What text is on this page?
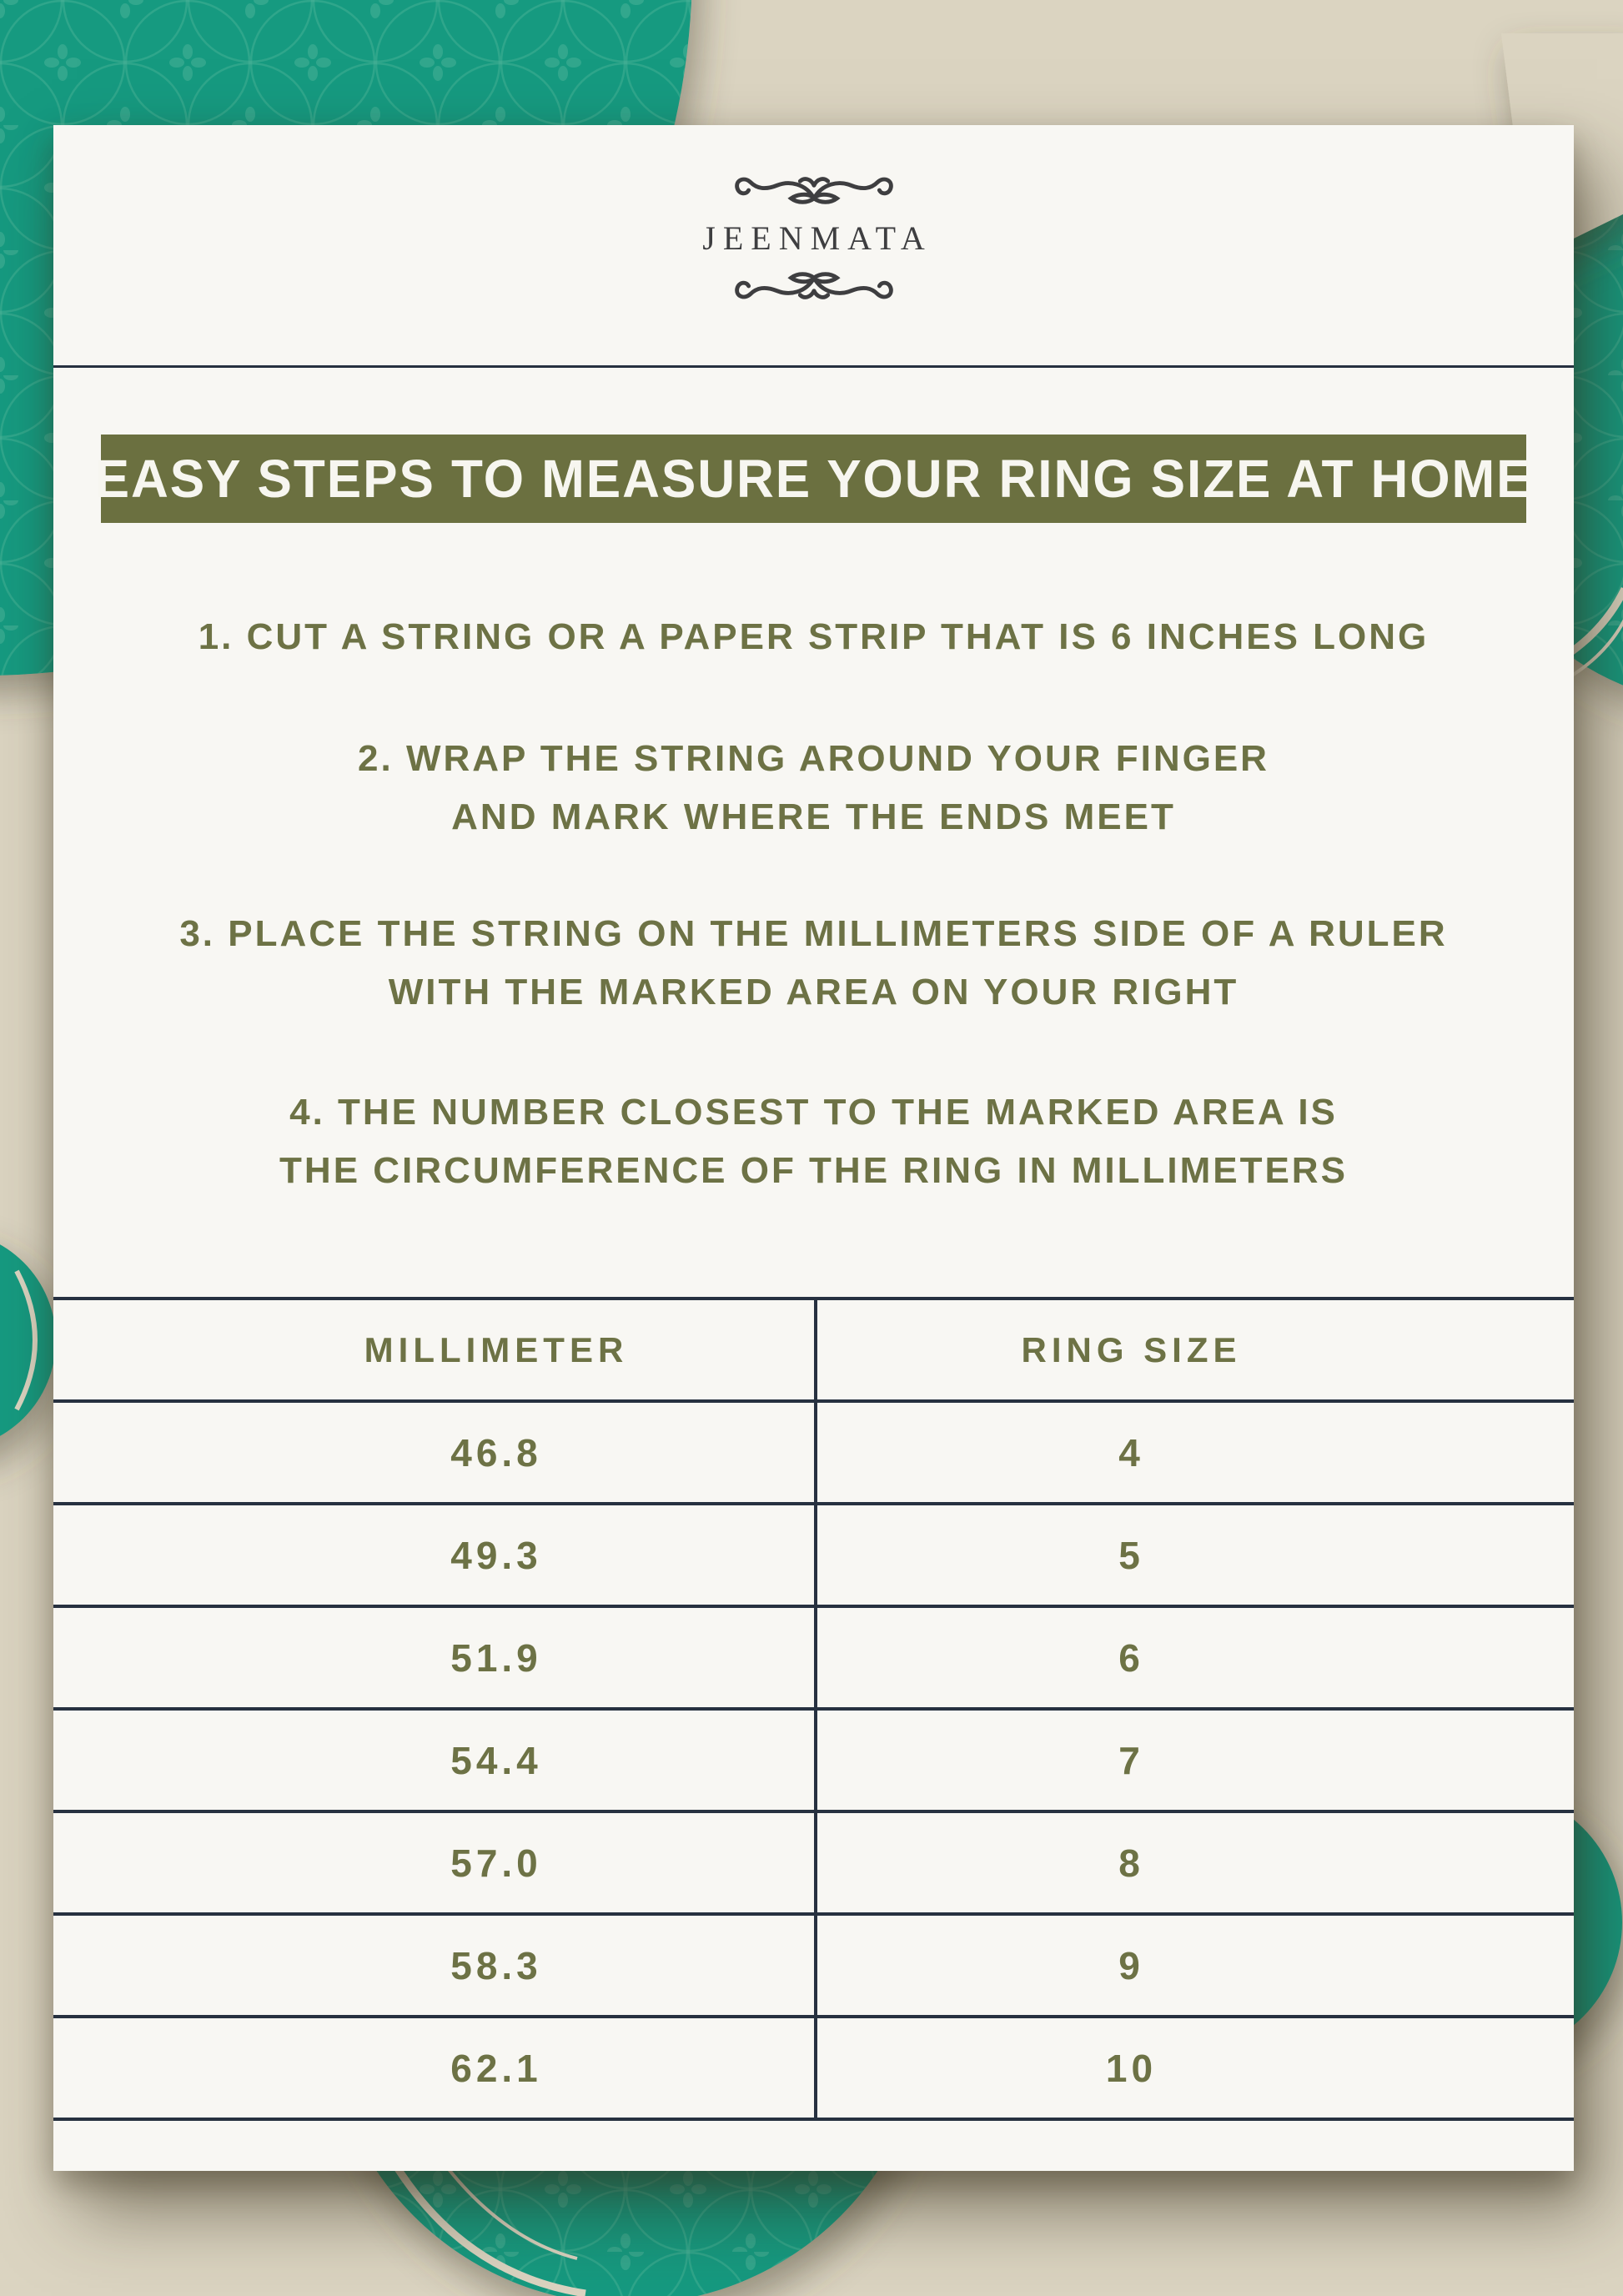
JEENMATA
EASY STEPS TO MEASURE YOUR RING SIZE AT HOME
1. CUT A STRING OR A PAPER STRIP THAT IS 6 INCHES LONG
2. WRAP THE STRING AROUND YOUR FINGER
AND MARK WHERE THE ENDS MEET
3. PLACE THE STRING ON THE MILLIMETERS SIDE OF A RULER
WITH THE MARKED AREA ON YOUR RIGHT
4. THE NUMBER CLOSEST TO THE MARKED AREA IS
THE CIRCUMFERENCE OF THE RING IN MILLIMETERS
MILLIMETER	RING SIZE
46.8	4
49.3	5
51.9	6
54.4	7
57.0	8
58.3	9
62.1	10
